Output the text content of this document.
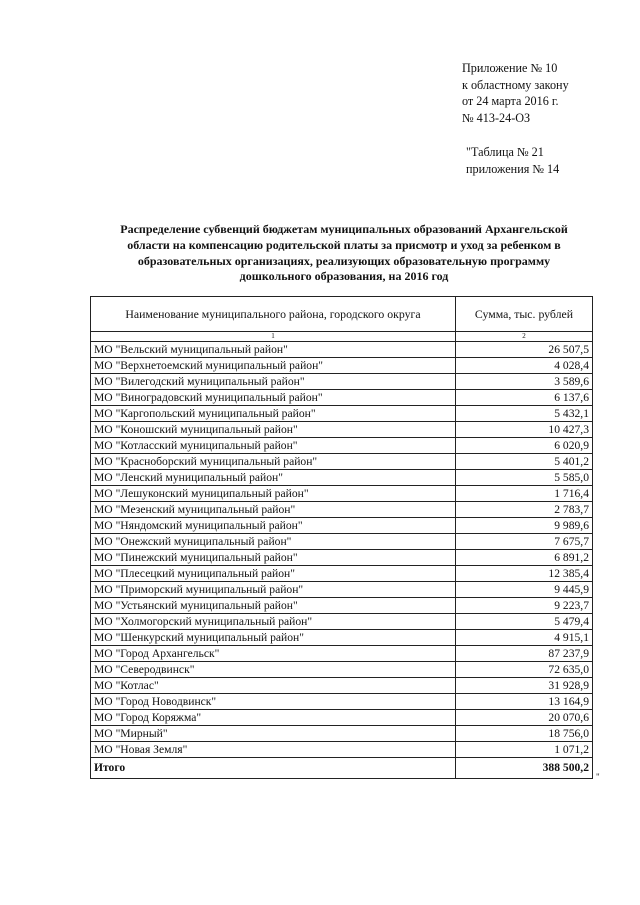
Приложение № 10
к областному закону
от 24 марта 2016 г.
№ 413-24-ОЗ
"Таблица № 21
приложения № 14
Распределение субвенций бюджетам муниципальных образований Архангельской
области на компенсацию родительской платы за присмотр и уход за ребенком в
образовательных организациях, реализующих образовательную программу
дошкольного образования, на 2016 год
Наименование муниципального района, городского округа	Сумма, тыс. рублей
1	2
МО "Вельский муниципальный район"	26 507,5
МО "Верхнетоемский муниципальный район"	4 028,4
МО "Вилегодский муниципальный район"	3 589,6
МО "Виноградовский муниципальный район"	6 137,6
МО "Каргопольский муниципальный район"	5 432,1
МО "Коношский муниципальный район"	10 427,3
МО "Котласский муниципальный район"	6 020,9
МО "Красноборский муниципальный район"	5 401,2
МО "Ленский муниципальный район"	5 585,0
МО "Лешуконский муниципальный район"	1 716,4
МО "Мезенский муниципальный район"	2 783,7
МО "Няндомский муниципальный район"	9 989,6
МО "Онежский муниципальный район"	7 675,7
МО "Пинежский муниципальный район"	6 891,2
МО "Плесецкий муниципальный район"	12 385,4
МО "Приморский муниципальный район"	9 445,9
МО "Устьянский муниципальный район"	9 223,7
МО "Холмогорский муниципальный район"	5 479,4
МО "Шенкурский муниципальный район"	4 915,1
МО "Город Архангельск"	87 237,9
МО "Северодвинск"	72 635,0
МО "Котлас"	31 928,9
МО "Город Новодвинск"	13 164,9
МО "Город Коряжма"	20 070,6
МО "Мирный"	18 756,0
МО "Новая Земля"	1 071,2
Итого	388 500,2
"
